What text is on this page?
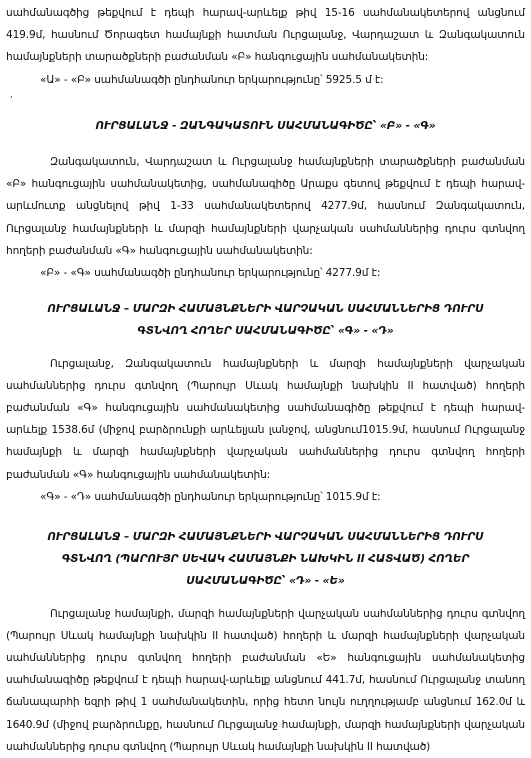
սահմանագծից թեքվում է դեպի հարավ-արևելք թիվ 15-16 սահմանակետերով անցնում 419.9մ, հասնում Ծորագետ համայնքի հատման Ուրցալանջ, Վարդաշատ և Զանգակատուն համայնքների տարածքների բաժանման «Բ» հանգուցային սահմանակետին:

«Ա» - «Բ» սահմանագծի ընդհանուր երկարությունը՝ 5925.5 մ է:

,

ՈՒՐՑԱԼԱՆՋ - ԶԱՆԳԱԿԱՏՈՒՆ ՍԱՀՄԱՆԱԳԻԾԸ՝ «Բ» - «Գ»

Զանգակատուն, Վարդաշատ և Ուրցալանջ համայնքների տարածքների բաժանման «Բ» հանգուցային սահմանակետից, սահմանագիծը Արաքս գետով թեքվում է դեպի հարավ-արևմուտք անցնելով թիվ 1-33 սահմանակետերով 4277.9մ, հասնում Զանգակատուն, Ուրցալանջ համայնքների և մարզի համայնքների վարչական սահմաններից դուրս գտնվող հողերի բաժանման «Գ» հանգուցային սահմանակետին:

«Բ» - «Գ» սահմանագծի ընդհանուր երկարությունը՝ 4277.9մ է:

ՈՒՐՑԱԼԱՆՋ – ՄԱՐԶԻ ՀԱՄԱՅՆՔՆԵՐԻ ՎԱՐՉԱԿԱՆ ՍԱՀՄԱՆՆԵՐԻՑ ԴՈՒՐՍ ԳՏՆՎՈՂ ՀՈՂԵՐ ՍԱՀՄԱՆԱԳԻԾԸ՝ «Գ» - «Դ»

Ուրցալանջ, Զանգակատուն համայնքների և մարզի համայնքների վարչական սահմաններից դուրս գտնվող (Պարույր Սևակ համայնքի նախկին II հատված) հողերի բաժանման «Գ» հանգուցային սահմանակետից սահմանագիծը թեքվում է դեպի հարավ-արևելք 1538.6մ (միջով բարձրունքի արևելյան լանջով, անցնում1015.9մ, հասնում Ուրցալանջ համայնքի և մարզի համայնքների վարչական սահմաններից դուրս գտնվող հողերի բաժանման «Գ» հանգուցային սահմանակետին:

«Գ» - «Դ» սահմանագծի ընդհանուր երկարությունը՝ 1015.9մ է:

ՈՒՐՑԱԼԱՆՋ – ՄԱՐԶԻ ՀԱՄԱՅՆՔՆԵՐԻ ՎԱՐՉԱԿԱՆ ՍԱՀՄԱՆՆԵՐԻՑ ԴՈՒՐՍ ԳՏՆՎՈՂ (ՊԱՐՈՒՅՐ ՍԵՎԱԿ ՀԱՄԱՅՆՔԻ ՆԱԽԿԻՆ II ՀԱՏՎԱԾ) ՀՈՂԵՐ ՍԱՀՄԱՆԱԳԻԾԸ՝ «Դ» - «Ե»

Ուրցալանջ համայնքի, մարզի համայնքների վարչական սահմաններից դուրս գտնվող (Պարույր Սևակ համայնքի նախկին II հատված) հողերի և մարզի համայնքների վարչական սահմաններից դուրս գտնվող հողերի բաժանման «Ե» հանգուցային սահմանակետից սահմանագիծը թեքվում է դեպի հարավ-արևելք անցնում 441.7մ, հասնում Ուրցալանջ տանող ճանապարհի եզրի թիվ 1 սահմանակետին, որից հետո նույն ուղղությամբ անցնում 162.0մ և 1640.9մ (միջով բարձրունքը, հասնում Ուրցալանջ համայնքի, մարզի համայնքների վարչական սահմաններից դուրս գտնվող (Պարույր Սևակ համայնքի նախկին II հատված)
